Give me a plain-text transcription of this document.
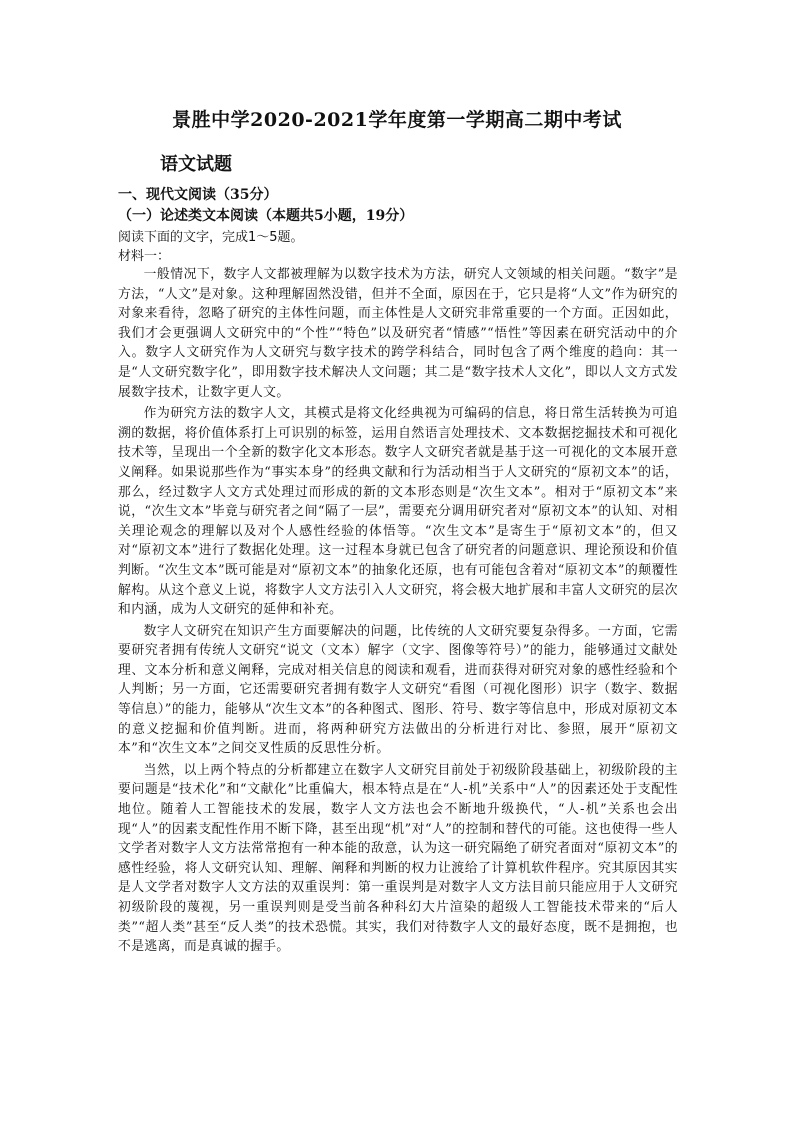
景胜中学2020-2021学年度第一学期高二期中考试
语文试题
一、现代文阅读（35分）
（一）论述类文本阅读（本题共5小题，19分）
阅读下面的文字，完成1～5题。
材料一：

一般情况下，数字人文都被理解为以数字技术为方法，研究人文领域的相关问题。“数字”是方法，“人文”是对象。这种理解固然没错，但并不全面，原因在于，它只是将“人文”作为研究的对象来看待，忽略了研究的主体性问题，而主体性是人文研究非常重要的一个方面。正因如此，我们才会更强调人文研究中的“个性”“特色”以及研究者“情感”“悟性”等因素在研究活动中的介入。数字人文研究作为人文研究与数字技术的跨学科结合，同时包含了两个维度的趋向：其一是“人文研究数字化”，即用数字技术解决人文问题；其二是“数字技术人文化”，即以人文方式发展数字技术，让数字更人文。

作为研究方法的数字人文，其模式是将文化经典视为可编码的信息，将日常生活转换为可追溯的数据，将价值体系打上可识别的标签，运用自然语言处理技术、文本数据挖掘技术和可视化技术等，呈现出一个全新的数字化文本形态。数字人文研究者就是基于这一可视化的文本展开意义阐释。如果说那些作为“事实本身”的经典文献和行为活动相当于人文研究的“原初文本”的话，那么，经过数字人文方式处理过而形成的新的文本形态则是“次生文本”。相对于“原初文本”来说，“次生文本”毕竟与研究者之间“隔了一层”，需要充分调用研究者对“原初文本”的认知、对相关理论观念的理解以及对个人感性经验的体悟等。“次生文本”是寄生于“原初文本”的，但又对“原初文本”进行了数据化处理。这一过程本身就已包含了研究者的问题意识、理论预设和价值判断。“次生文本”既可能是对“原初文本”的抽象化还原，也有可能包含着对“原初文本”的颠覆性解构。从这个意义上说，将数字人文方法引入人文研究，将会极大地扩展和丰富人文研究的层次和内涵，成为人文研究的延伸和补充。

数字人文研究在知识产生方面要解决的问题，比传统的人文研究要复杂得多。一方面，它需要研究者拥有传统人文研究“说文（文本）解字（文字、图像等符号）”的能力，能够通过文献处理、文本分析和意义阐释，完成对相关信息的阅读和观看，进而获得对研究对象的感性经验和个人判断；另一方面，它还需要研究者拥有数字人文研究“看图（可视化图形）识字（数字、数据等信息）”的能力，能够从“次生文本”的各种图式、图形、符号、数字等信息中，形成对原初文本的意义挖掘和价值判断。进而，将两种研究方法做出的分析进行对比、参照，展开“原初文本”和“次生文本”之间交叉性质的反思性分析。

当然，以上两个特点的分析都建立在数字人文研究目前处于初级阶段基础上，初级阶段的主要问题是“技术化”和“文献化”比重偏大，根本特点是在“人-机”关系中“人”的因素还处于支配性地位。随着人工智能技术的发展，数字人文方法也会不断地升级换代，“人-机”关系也会出现“人”的因素支配性作用不断下降，甚至出现“机”对“人”的控制和替代的可能。这也使得一些人文学者对数字人文方法常常抱有一种本能的敌意，认为这一研究隔绝了研究者面对“原初文本”的感性经验，将人文研究认知、理解、阐释和判断的权力让渡给了计算机软件程序。究其原因其实是人文学者对数字人文方法的双重误判：第一重误判是对数字人文方法目前只能应用于人文研究初级阶段的蔑视，另一重误判则是受当前各种科幻大片渲染的超级人工智能技术带来的“后人类”“超人类”甚至“反人类”的技术恐慌。其实，我们对待数字人文的最好态度，既不是拥抱，也不是逃离，而是真诚的握手。
